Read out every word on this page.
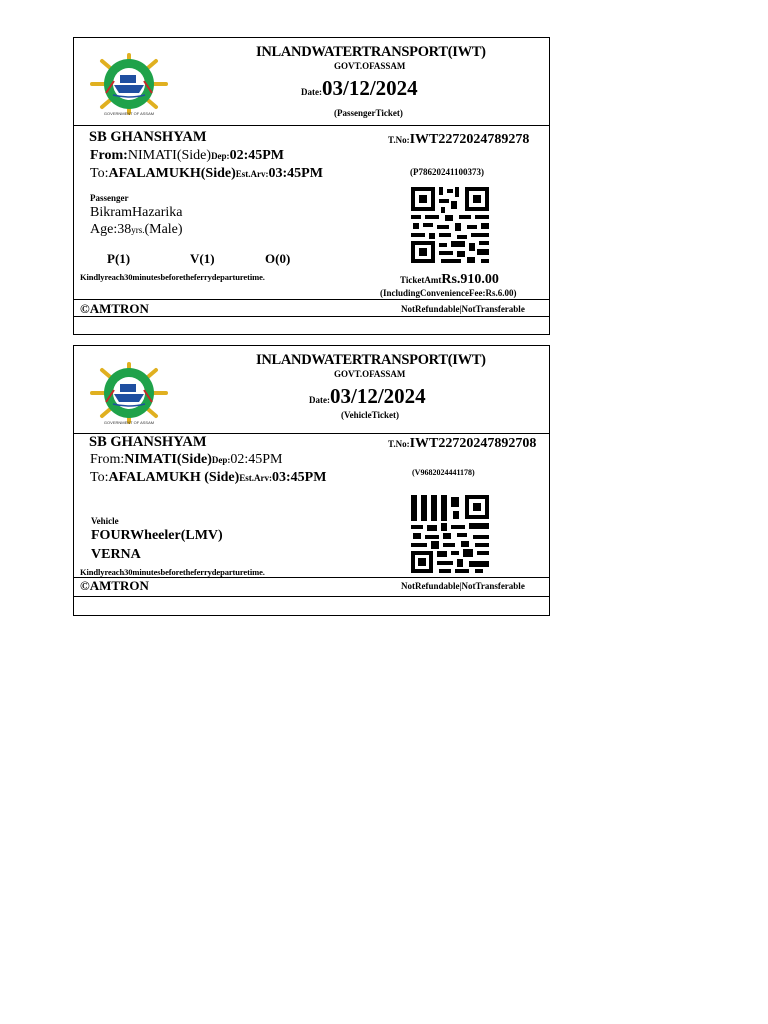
GOVERNMENT OF ASSAM
INLANDWATERTRANSPORT(IWT)
GOVT.OFASSAM
Date:03/12/2024
(PassengerTicket)
SB GHANSHYAM	T.No:IWT2272024789278
From:NIMATI(Side)Dep:02:45PM
To:AFALAMUKH(Side)Est.Arv:03:45PM	(P78620241100373)
Passenger
BikramHazarika
Age:38yrs.(Male)
P(1)	V(1)	O(0)
Kindlyreach30minutesbeforetheferrydeparturetime.	TicketAmtRs.910.00
(IncludingConvenienceFee:Rs.6.00)
©AMTRON	NotRefundable|NotTransferable
GOVERNMENT OF ASSAM
INLANDWATERTRANSPORT(IWT)
GOVT.OFASSAM
Date:03/12/2024
(VehicleTicket)
SB GHANSHYAM	T.No:IWT22720247892708
From:NIMATI(Side)Dep:02:45PM
To:AFALAMUKH (Side)Est.Arv:03:45PM	(V9682024441178)
Vehicle
FOURWheeler(LMV)
VERNA
Kindlyreach30minutesbeforetheferrydeparturetime.
©AMTRON	NotRefundable|NotTransferable
